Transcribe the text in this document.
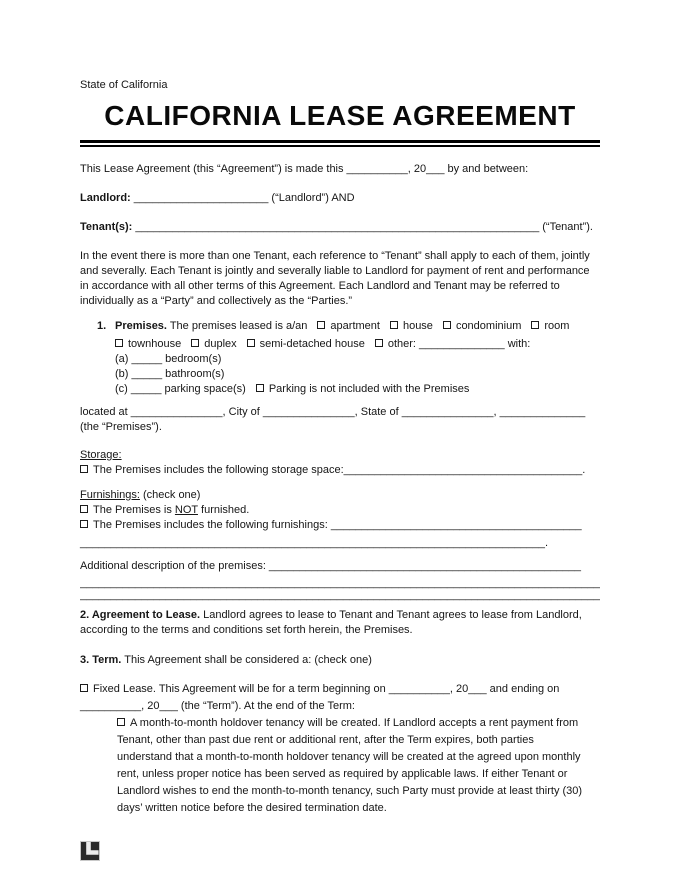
State of California
CALIFORNIA LEASE AGREEMENT
This Lease Agreement (this “Agreement”) is made this __________, 20___ by and between:
Landlord: ______________________ (“Landlord”) AND
Tenant(s): __________________________________________________________________ (“Tenant”).
In the event there is more than one Tenant, each reference to “Tenant” shall apply to each of them, jointly
and severally. Each Tenant is jointly and severally liable to Landlord for payment of rent and performance
in accordance with all other terms of this Agreement. Each Landlord and Tenant may be referred to
individually as a “Party” and collectively as the “Parties.”
1. Premises. The premises leased is a/an apartment house condominium room
townhouse duplex semi-detached house other: ______________ with:
(a) _____ bedroom(s)
(b) _____ bathroom(s)
(c) _____ parking space(s) Parking is not included with the Premises
located at _______________, City of _______________, State of _______________, ______________
(the “Premises”).
Storage:
The Premises includes the following storage space:_______________________________________.
Furnishings: (check one)
The Premises is NOT furnished.
The Premises includes the following furnishings: _________________________________________
____________________________________________________________________________.
Additional description of the premises: ___________________________________________________
_____________________________________________________________________________________
_____________________________________________________________________________________
2. Agreement to Lease. Landlord agrees to lease to Tenant and Tenant agrees to lease from Landlord,
according to the terms and conditions set forth herein, the Premises.
3. Term. This Agreement shall be considered a: (check one)
Fixed Lease. This Agreement will be for a term beginning on __________, 20___ and ending on
__________, 20___ (the “Term”). At the end of the Term:
A month-to-month holdover tenancy will be created. If Landlord accepts a rent payment from
Tenant, other than past due rent or additional rent, after the Term expires, both parties
understand that a month-to-month holdover tenancy will be created at the agreed upon monthly
rent, unless proper notice has been served as required by applicable laws. If either Tenant or
Landlord wishes to end the month-to-month tenancy, such Party must provide at least thirty (30)
days’ written notice before the desired termination date.
